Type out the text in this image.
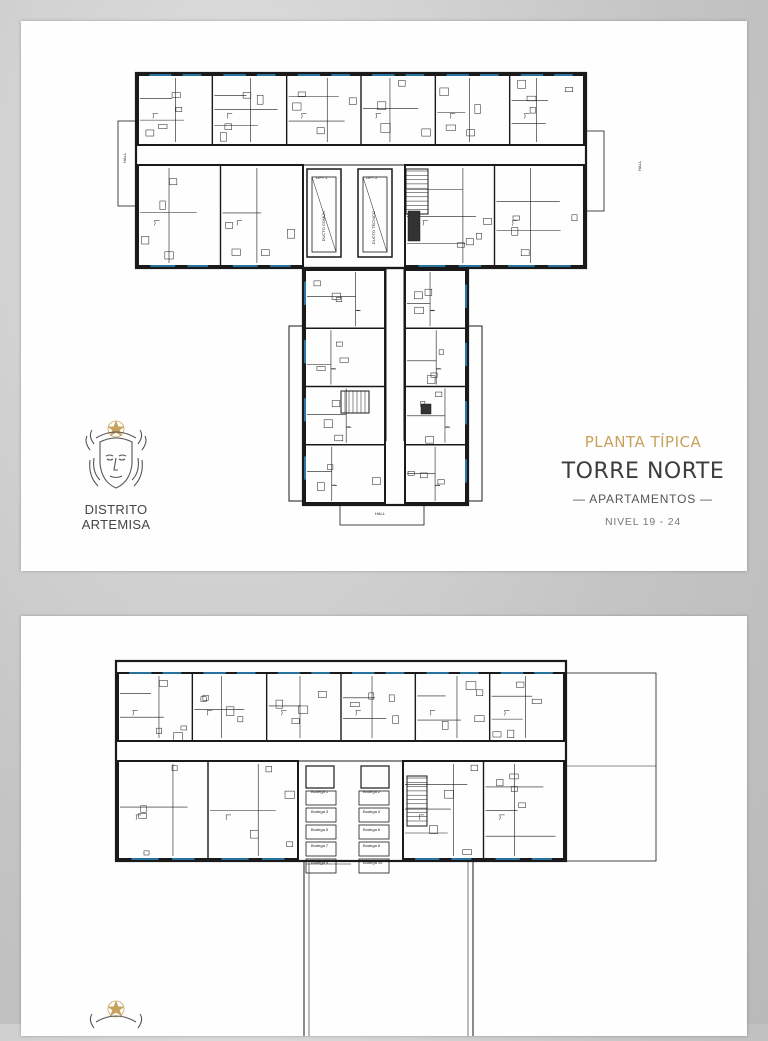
DISTRITO
ARTEMISA
PLANTA TÍPICA
TORRE NORTE
— APARTAMENTOS —
NIVEL 19 - 24
HALL
HALL
HALL
LIFT 1	LIFT 2
DUCTO COMÚN	DUCTO TÉCNICO
Bodega 1	Bodega 2
Bodega 3	Bodega 4
Bodega 5	Bodega 6
Bodega 7	Bodega 8
Bodega 9	Bodega 10
